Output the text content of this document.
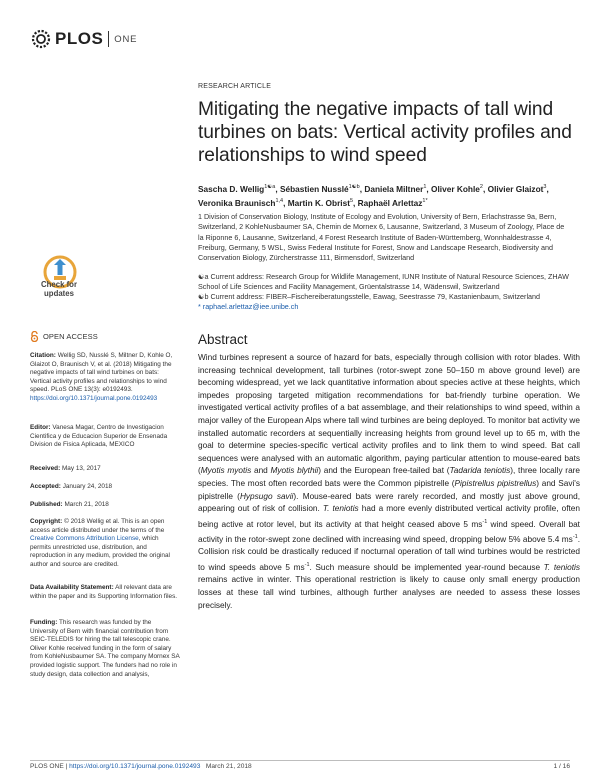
PLOS ONE
RESEARCH ARTICLE
Mitigating the negative impacts of tall wind turbines on bats: Vertical activity profiles and relationships to wind speed
Sascha D. Wellig$^{1☯a}$, Sébastien Nusslé$^{1☯b}$, Daniela Miltner$^1$, Oliver Kohle$^2$, Olivier Glaizot$^3$, Veronika Braunisch$^{1,4}$, Martin K. Obrist$^5$, Raphaël Arlettaz$^{1*}$
1 Division of Conservation Biology, Institute of Ecology and Evolution, University of Bern, Erlachstrasse 9a, Bern, Switzerland, 2 KohleNusbaumer SA, Chemin de Mornex 6, Lausanne, Switzerland, 3 Museum of Zoology, Place de la Riponne 6, Lausanne, Switzerland, 4 Forest Research Institute of Baden-Württemberg, Wonnhaldestrasse 4, Freiburg, Germany, 5 WSL, Swiss Federal Institute for Forest, Snow and Landscape Research, Biodiversity and Conservation Biology, Zürcherstrasse 111, Birmensdorf, Switzerland
☯a Current address: Research Group for Wildlife Management, IUNR Institute of Natural Resource Sciences, ZHAW School of Life Sciences and Facility Management, Grüentalstrasse 14, Wädenswil, Switzerland
☯b Current address: FIBER–Fischereiberatungsstelle, Eawag, Seestrasse 79, Kastanienbaum, Switzerland
* raphael.arlettaz@iee.unibe.ch
Check for updates
OPEN ACCESS
Citation: Wellig SD, Nusslé S, Miltner D, Kohle O, Glaizot O, Braunisch V, et al. (2018) Mitigating the negative impacts of tall wind turbines on bats: Vertical activity profiles and relationships to wind speed. PLoS ONE 13(3): e0192493. https://doi.org/10.1371/journal.pone.0192493
Editor: Vanesa Magar, Centro de Investigacion Cientifica y de Educacion Superior de Ensenada Division de Fisica Aplicada, MEXICO
Received: May 13, 2017
Accepted: January 24, 2018
Published: March 21, 2018
Copyright: © 2018 Wellig et al. This is an open access article distributed under the terms of the Creative Commons Attribution License, which permits unrestricted use, distribution, and reproduction in any medium, provided the original author and source are credited.
Data Availability Statement: All relevant data are within the paper and its Supporting Information files.
Funding: This research was funded by the University of Bern with financial contribution from SEIC-TELEDIS for hiring the tall telescopic crane. Oliver Kohle received funding in the form of salary from KohleNusbaumer SA. The company Mornex SA provided logistic support. The funders had no role in study design, data collection and analysis,
Abstract

Wind turbines represent a source of hazard for bats, especially through collision with rotor blades. With increasing technical development, tall turbines (rotor-swept zone 50–150 m above ground level) are becoming widespread, yet we lack quantitative information about species active at these heights, which impedes proposing targeted mitigation recommendations for bat-friendly turbine operation. We investigated vertical activity profiles of a bat assemblage, and their relationships to wind speed, within a major valley of the European Alps where tall wind turbines are being deployed. To monitor bat activity we installed automatic recorders at sequentially increasing heights from ground level up to 65 m, with the goal to determine species-specific vertical activity profiles and to link them to wind speed. Bat call sequences were analysed with an automatic algorithm, paying particular attention to mouse-eared bats (Myotis myotis and Myotis blythii) and the European free-tailed bat (Tadarida teniotis), three locally rare species. The most often recorded bats were the Common pipistrelle (Pipistrellus pipistrellus) and Savi's pipistrelle (Hypsugo savii). Mouse-eared bats were rarely recorded, and mostly just above ground, appearing out of risk of collision. T. teniotis had a more evenly distributed vertical activity profile, often being active at rotor level, but its activity at that height ceased above 5 $ms^{-1}$ wind speed. Overall bat activity in the rotor-swept zone declined with increasing wind speed, dropping below 5% above 5.4 $ms^{-1}$. Collision risk could be drastically reduced if nocturnal operation of tall wind turbines would be restricted to wind speeds above 5 $ms^{-1}$. Such measure should be implemented year-round because T. teniotis remains active in winter. This operational restriction is likely to cause only small energy production losses at these tall wind turbines, although further analyses are needed to assess these losses precisely.

PLOS ONE | https://doi.org/10.1371/journal.pone.0192493 March 21, 2018	1 / 16
